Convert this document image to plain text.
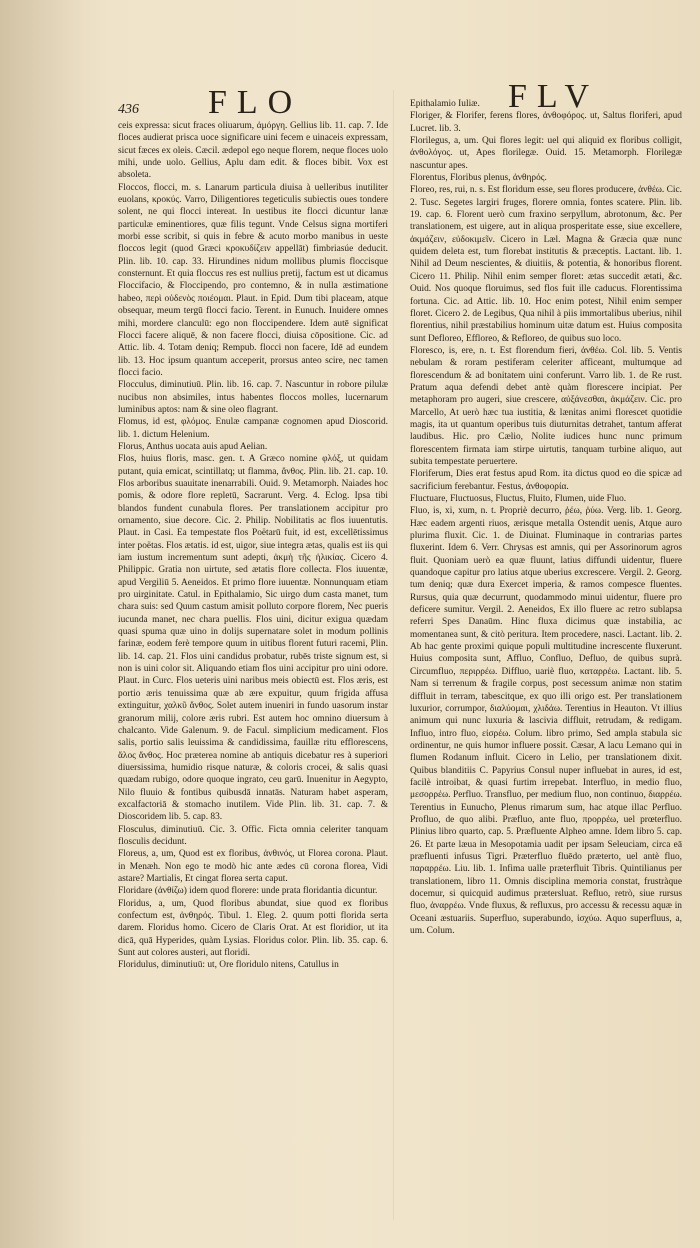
436 FLO	FLV

ceis expressa: sicut fraces oliuarum, ἀμόργη. Gellius lib. 11. cap. 7. Ide floces audierat prisca uoce significare uini fecem e uinaceis expressam, sicut fæces ex oleis. Cæcil. ædepol ego neque florem, neque floces uolo mihi, unde uolo. Gellius, Aplu dam edit. & floces bibit. Vox est absoleta.

Floccos, flocci, m. s. Lanarum particula diuisa à uelleribus inutiliter euolans, κροκύς. Varro, Diligentiores tegeticulis subiectis oues tondere solent, ne qui flocci intereat. In uestibus ite flocci dicuntur lanæ particulæ eminentiores, quæ filis tegunt. Vnde Celsus signa mortiferi morbi esse scribit, si quis in febre & acuto morbo manibus in ueste floccos legit (quod Græci κροκυδίζειν appellāt) fimbriasúe deducit. Plin. lib. 10. cap. 33. Hirundines nidum mollibus plumis floccisque consternunt. Et quia floccus res est nullius pretij, factum est ut dicamus Floccifacio, & Floccipendo, pro contemno, & in nulla æstimatione habeo, περὶ οὐδενὸς ποιέομαι. Plaut. in Epid. Dum tibi placeam, atque obsequar, meum tergū flocci facio. Terent. in Eunuch. Inuidere omnes mihi, mordere clanculū: ego non floccipendere. Idem autē significat Flocci facere aliquē, & non facere flocci, diuisa cōpositione. Cic. ad Attic. lib. 4. Totam deniq; Rempub. flocci non facere, Idē ad eundem lib. 13. Hoc ipsum quantum acceperit, prorsus anteo scire, nec tamen flocci facio.

Flocculus, diminutiuū. Plin. lib. 16. cap. 7. Nascuntur in robore pilulæ nucibus non absimiles, intus habentes floccos molles, lucernarum luminibus aptos: nam & sine oleo flagrant.

Flomus, id est, φλόμος. Enulæ campanæ cognomen apud Dioscorid. lib. 1. dictum Helenium.

Florus, Anthus uocata auis apud Aelian.

Flos, huius floris, masc. gen. t. A Græco nomine φλόξ, ut quidam putant, quia emicat, scintillatq; ut flamma, ἄνθος. Plin. lib. 21. cap. 10. Flos arboribus suauitate inenarrabili. Ouid. 9. Metamorph. Naiades hoc pomis, & odore flore repletū, Sacrarunt. Verg. 4. Eclog. Ipsa tibi blandos fundent cunabula flores. Per translationem accipitur pro ornamento, siue decore. Cic. 2. Philip. Nobilitatis ac flos iuuentutis. Plaut. in Casi. Ea tempestate flos Poëtarū fuit, id est, excellētissimus inter poëtas. Flos ætatis. id est, uigor, siue integra ætas, qualis est iis qui iam iustum incrementum sunt adepti, ἀκμὴ τῆς ἡλικίας. Cicero 4. Philippic. Gratia non uirtute, sed ætatis flore collecta. Flos iuuentæ, apud Vergiliū 5. Aeneidos. Et primo flore iuuentæ. Nonnunquam etiam pro uirginitate. Catul. in Epithalamio, Sic uirgo dum casta manet, tum chara suis: sed Quum castum amisit polluto corpore florem, Nec pueris iucunda manet, nec chara puellis. Flos uini, dicitur exigua quædam quasi spuma quæ uino in dolijs supernatare solet in modum pollinis farinæ, eodem ferè tempore quum in uitibus florent futuri racemi, Plin. lib. 14. cap. 21. Flos uini candidus probatur, rubēs triste signum est, si non is uini color sit. Aliquando etiam flos uini accipitur pro uini odore. Plaut. in Curc. Flos ueteris uini naribus meis obiectū est. Flos æris, est portio æris tenuissima quæ ab ære expuitur, quum frigida affusa extinguitur, χαλκῦ ἄνθος. Solet autem inueniri in fundo uasorum instar granorum milij, colore æris rubri. Est autem hoc omnino diuersum à chalcanto. Vide Galenum. 9. de Facul. simplicium medicament. Flos salis, portio salis leuissima & candidissima, fauillæ ritu efflorescens, ἅλος ἄνθος. Hoc præterea nomine ab antiquis dicebatur res à superiori diuersissima, humidio risque naturæ, & coloris crocei, & salis quasi quædam rubigo, odore quoque ingrato, ceu garū. Inuenitur in Aegypto, Nilo fluuio & fontibus quibusdā innatās. Naturam habet asperam, excalfactoriā & stomacho inutilem. Vide Plin. lib. 31. cap. 7. & Dioscoridem lib. 5. cap. 83.

Flosculus, diminutiuū. Cic. 3. Offic. Ficta omnia celeriter tanquam flosculis decidunt.

Floreus, a, um, Quod est ex floribus, ἀνθινός, ut Florea corona. Plaut. in Menæh. Non ego te modò hic ante ædes cū corona florea, Vidi astare? Martialis, Et cingat florea serta caput.

Floridare (ἀνθίζω) idem quod florere: unde prata floridantia dicuntur.

Floridus, a, um, Quod floribus abundat, siue quod ex floribus confectum est, ἀνθηρός. Tibul. 1. Eleg. 2. quum potti florida serta darem. Floridus homo. Cicero de Claris Orat. At est floridior, ut ita dicā, quā Hyperides, quàm Lysias. Floridus color. Plin. lib. 35. cap. 6. Sunt aut colores austeri, aut floridi.

Floridulus, diminutiuū: ut, Ore floridulo nitens, Catullus in

Epithalamio Iuliæ.

Floriger, & Florifer, ferens flores, ἀνθοφόρος. ut, Saltus floriferi, apud Lucret. lib. 3.

Florilegus, a, um. Qui flores legit: uel qui aliquid ex floribus colligit, ἀνθολόγος. ut, Apes florilegæ. Ouid. 15. Metamorph. Florilegæ nascuntur apes.

Florentus, Floribus plenus, ἀνθηρός.

Floreo, res, rui, n. s. Est floridum esse, seu flores producere, ἀνθέω. Cic. 2. Tusc. Segetes largiri fruges, florere omnia, fontes scatere. Plin. lib. 19. cap. 6. Florent uerò cum fraxino serpyllum, abrotonum, &c. Per translationem, est uigere, aut in aliqua prosperitate esse, siue excellere, ἀκμάζειν, εὐδοκιμεῖν. Cicero in Læl. Magna & Græcia quæ nunc quidem deleta est, tum florebat institutis & præceptis. Lactant. lib. 1. Nihil ad Deum nescientes, & diuitiis, & potentia, & honoribus florent. Cicero 11. Philip. Nihil enim semper floret: ætas succedit ætati, &c. Ouid. Nos quoque floruimus, sed flos fuit ille caducus. Florentissima fortuna. Cic. ad Attic. lib. 10. Hoc enim potest, Nihil enim semper floret. Cicero 2. de Legibus, Qua nihil à piis immortalibus uberius, nihil florentius, nihil præstabilius hominum uitæ datum est. Huius composita sunt Defloreo, Effloreo, & Refloreo, de quibus suo loco.

Floresco, is, ere, n. t. Est florendum fieri, ἀνθέω. Col. lib. 5. Ventis nebulam & roram pestiferam celeriter afficeant, multumque ad florescendum & ad bonitatem uini conferunt. Varro lib. 1. de Re rust. Pratum aqua defendi debet antè quàm florescere incipiat. Per metaphoram pro augeri, siue crescere, αὐξάνεσθαι, ἀκμάζειν. Cic. pro Marcello, At uerò hæc tua iustitia, & lænitas animi florescet quotidie magis, ita ut quantum operibus tuis diuturnitas detrahet, tantum afferat laudibus. Hic. pro Cælio, Nolite iudices hunc nunc primum florescentem firmata iam stirpe uirtutis, tanquam turbine aliquo, aut subita tempestate peruertere.

Floriferum, Dies erat festus apud Rom. ita dictus quod eo die spicæ ad sacrificium ferebantur. Festus, ἀνθοφορία.

Fluctuare, Fluctuosus, Fluctus, Fluito, Flumen, uide Fluo.

Fluo, is, xi, xum, n. t. Propriè decurro, ῥέω, ῥύω. Verg. lib. 1. Georg. Hæc eadem argenti riuos, ærisque metalla Ostendit uenis, Atque auro plurima fluxit. Cic. 1. de Diuinat. Fluminaque in contrarias partes fluxerint. Idem 6. Verr. Chrysas est amnis, qui per Assorinorum agros fluit. Quoniam uerò ea quæ fluunt, latius diffundi uidentur, fluere quandoque capitur pro latius atque uberius excrescere. Vergil. 2. Georg. tum deniq; quæ dura Exercet imperia, & ramos compesce fluentes. Rursus, quia quæ decurrunt, quodammodo minui uidentur, fluere pro deficere sumitur. Vergil. 2. Aeneidos, Ex illo fluere ac retro sublapsa referri Spes Danaūm. Hinc fluxa dicimus quæ instabilia, ac momentanea sunt, & citò peritura. Item procedere, nasci. Lactant. lib. 2. Ab hac gente proximi quique populi multitudine increscente fluxerunt. Huius composita sunt, Affluo, Confluo, Defluo, de quibus suprà. Circumfluo, περιρρέω. Diffluo, uariè fluo, καταρρέω. Lactant. lib. 5. Nam si terrenum & fragile corpus, post secessum animæ non statim diffluit in terram, tabescitque, ex quo illi origo est. Per translationem luxurior, corrumpor, διαλύομαι, χλιδάω. Terentius in Heauton. Vt illius animum qui nunc luxuria & lascivia diffluit, retrudam, & redigam. Influo, intro fluo, εἰσρέω. Colum. libro primo, Sed ampla stabula sic ordinentur, ne quis humor influere possit. Cæsar, A lacu Lemano qui in flumen Rodanum influit. Cicero in Lelio, per translationem dixit. Quibus blanditiis C. Papyrius Consul nuper influebat in aures, id est, facilè introibat, & quasi furtim irrepebat. Interfluo, in medio fluo, μεσορρέω. Perfluo. Transfluo, per medium fluo, non continuo, διαρρέω. Terentius in Eunucho, Plenus rimarum sum, hac atque illac Perfluo. Profluo, de quo alibi. Præfluo, ante fluo, προρρέω, uel prœterfluo. Plinius libro quarto, cap. 5. Præfluente Alpheo amne. Idem libro 5. cap. 26. Et parte læua in Mesopotamia uadit per ipsam Seleuciam, circa eā præfluenti infusus Tigri. Præterfluo fluēdo præterto, uel antè fluo, παραρρέω. Liu. lib. 1. Infima ualle præterfluit Tibris. Quintilianus per translationem, libro 11. Omnis disciplina memoria constat, frustràque docemur, si quicquid audimus prætersluat. Refluo, retrò, siue rursus fluo, ἀναρρέω. Vnde fluxus, & refluxus, pro accessu & recessu aquæ in Oceani æstuariis. Superfluo, superabundo, ἰσχύω. Aquo superfluus, a, um. Colum.
